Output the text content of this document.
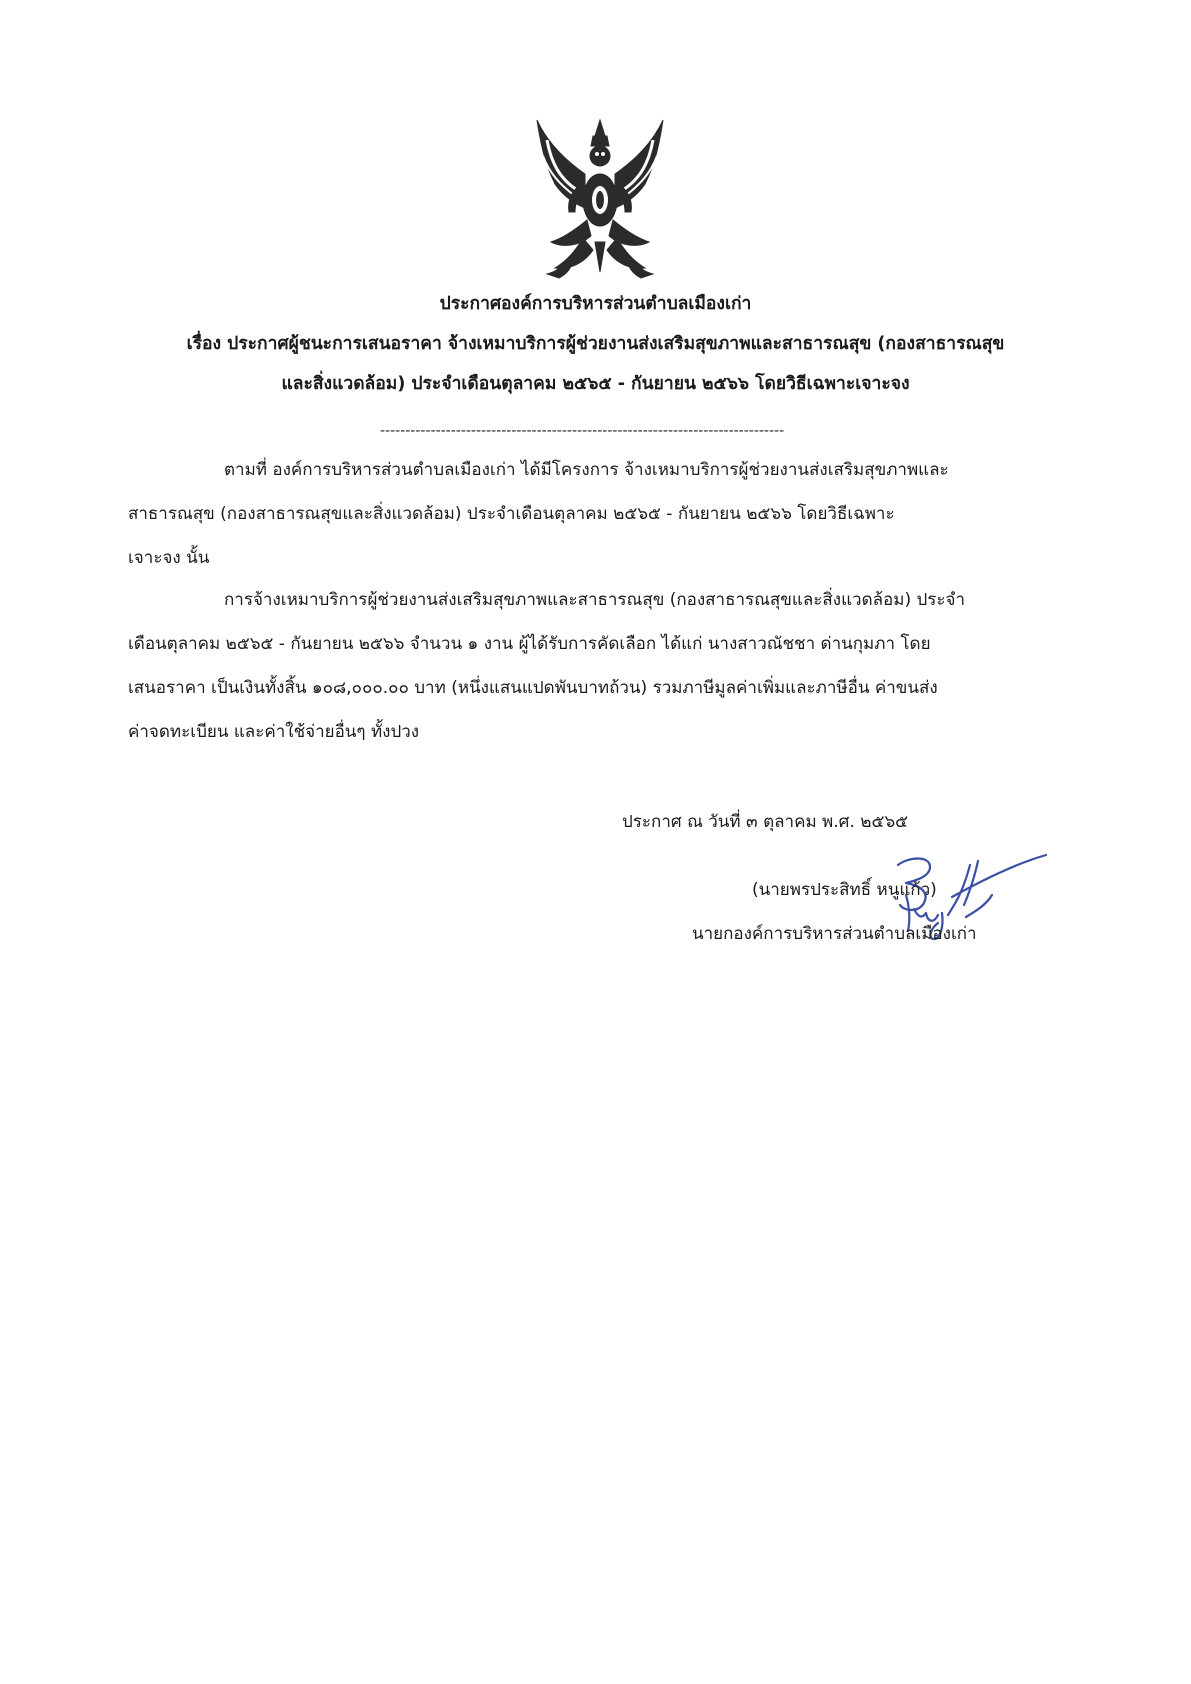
ประกาศองค์การบริหารส่วนตำบลเมืองเก่า
เรื่อง ประกาศผู้ชนะการเสนอราคา จ้างเหมาบริการผู้ช่วยงานส่งเสริมสุขภาพและสาธารณสุข (กองสาธารณสุข
และสิ่งแวดล้อม) ประจำเดือนตุลาคม ๒๕๖๕ - กันยายน ๒๕๖๖ โดยวิธีเฉพาะเจาะจง
--------------------------------------------------------------------------------
ตามที่ องค์การบริหารส่วนตำบลเมืองเก่า ได้มีโครงการ จ้างเหมาบริการผู้ช่วยงานส่งเสริมสุขภาพและ
สาธารณสุข (กองสาธารณสุขและสิ่งแวดล้อม) ประจำเดือนตุลาคม ๒๕๖๕ - กันยายน ๒๕๖๖ โดยวิธีเฉพาะ
เจาะจง นั้น
การจ้างเหมาบริการผู้ช่วยงานส่งเสริมสุขภาพและสาธารณสุข (กองสาธารณสุขและสิ่งแวดล้อม) ประจำ
เดือนตุลาคม ๒๕๖๕ - กันยายน ๒๕๖๖ จำนวน ๑ งาน ผู้ได้รับการคัดเลือก ได้แก่ นางสาวณัชชา ด่านกุมภา โดย
เสนอราคา เป็นเงินทั้งสิ้น ๑๐๘,๐๐๐.๐๐ บาท (หนึ่งแสนแปดพันบาทถ้วน) รวมภาษีมูลค่าเพิ่มและภาษีอื่น ค่าขนส่ง
ค่าจดทะเบียน และค่าใช้จ่ายอื่นๆ ทั้งปวง
ประกาศ ณ วันที่ ๓ ตุลาคม พ.ศ. ๒๕๖๕
(นายพรประสิทธิ์ หนูแก้ว)
นายกองค์การบริหารส่วนตำบลเมืองเก่า
